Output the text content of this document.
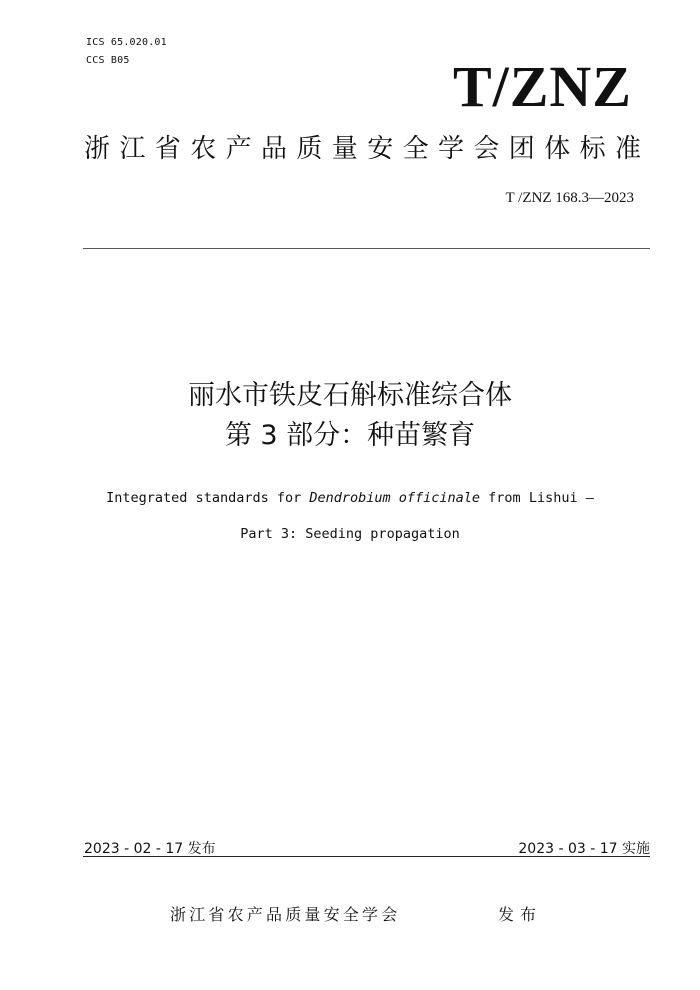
ICS 65.020.01
CCS B05	T/ZNZ
浙江省农产品质量安全学会团体标准
T /ZNZ 168.3—2023
丽水市铁皮石斛标准综合体
第 3 部分：种苗繁育
Integrated standards for Dendrobium officinale from Lishui —
Part 3: Seeding propagation
2023 - 02 - 17 发布	2023 - 03 - 17 实施
浙江省农产品质量安全学会	发布
